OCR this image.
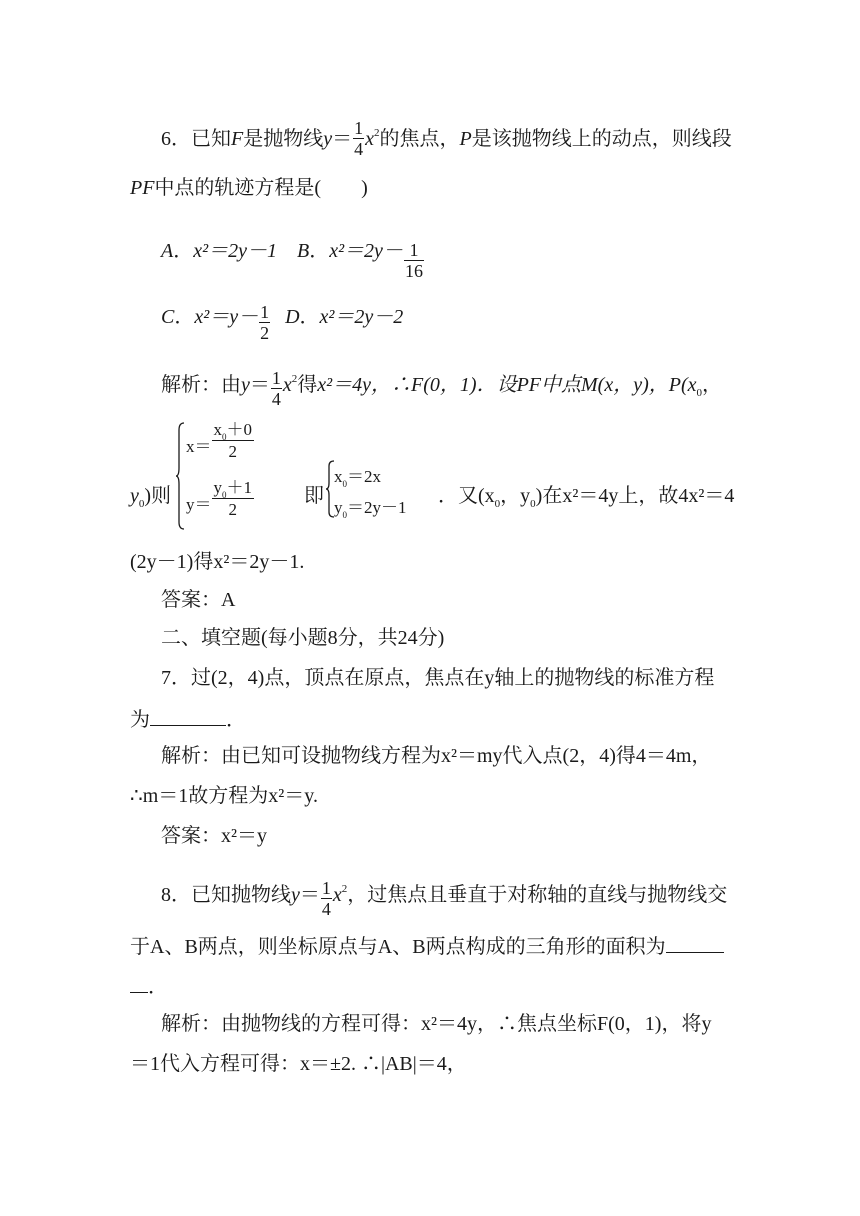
6．已知F是抛物线$y= \frac{1}{4} x^2$的焦点，P是该抛物线上的动点，则线段
PF中点的轨迹方程是(　　)
A．x²＝2y－1 B．$x^2=2y- \frac{1}{16}$
C．$x^2=y- \frac{1}{2}$ D．x²＝2y－2
解析：由$y= \frac{1}{4} x^2$得x²＝4y，∴F(0，1)．设PF中点M(x，y)，$P(x_0$，
$y_0$)则
$x= \frac{x_0+0}{2}$
$y= \frac{y_0+1}{2}$	即
$x_0=2x$
$y_0=2y-1$
．又($x_0$，$y_0$)在x²＝4y上，故4x²＝4
(2y－1)得x²＝2y－1.
答案：A
二、填空题(每小题8分，共24分)
7．过(2，4)点，顶点在原点，焦点在y轴上的抛物线的标准方程
为	．
解析：由已知可设抛物线方程为x²＝my代入点(2，4)得4＝4m，
∴m＝1故方程为x²＝y.
答案：x²＝y
8．已知抛物线$y= \frac{1}{4} x^2$，过焦点且垂直于对称轴的直线与抛物线交
于A、B两点，则坐标原点与A、B两点构成的三角形的面积为
．
解析：由抛物线的方程可得：x²＝4y，∴焦点坐标F(0，1)，将y
＝1代入方程可得：x＝±2. ∴|AB|＝4，
